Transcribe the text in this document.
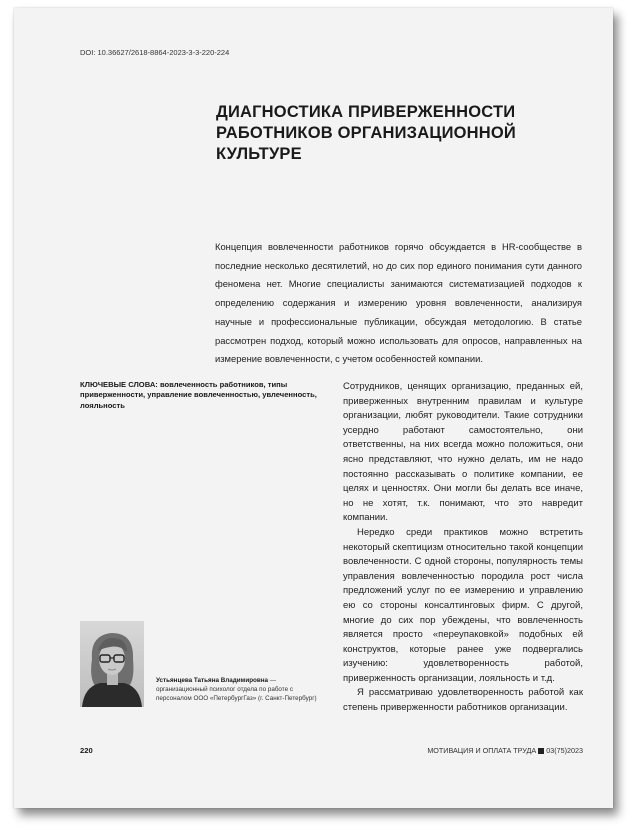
DOI: 10.36627/2618-8864-2023-3-3-220-224
ДИАГНОСТИКА ПРИВЕРЖЕННОСТИ
РАБОТНИКОВ ОРГАНИЗАЦИОННОЙ КУЛЬТУРЕ
Концепция вовлеченности работников горячо обсуждается в HR-сообществе в последние несколько десятилетий, но до сих пор единого понимания сути данного феномена нет. Многие специалисты занимаются систематизацией подходов к определению содержания и измерению уровня вовлеченности, анализируя научные и профессиональные публикации, обсуждая методологию. В статье рассмотрен подход, который можно использовать для опросов, направленных на измерение вовлеченности, с учетом особенностей компании.
КЛЮЧЕВЫЕ СЛОВА: вовлеченность работников, типы приверженности, управление вовлеченностью, увлеченность, лояльность

Сотрудников, ценящих организацию, преданных ей, приверженных внутренним правилам и культуре организации, любят руководители. Такие сотрудники усердно работают самостоятельно, они ответственны, на них всегда можно положиться, они ясно представляют, что нужно делать, им не надо постоянно рассказывать о политике компании, ее целях и ценностях. Они могли бы делать все иначе, но не хотят, т.к. понимают, что это навредит компании.

Нередко среди практиков можно встретить некоторый скептицизм относительно такой концепции вовлеченности. С одной стороны, популярность темы управления вовлеченностью породила рост числа предложений услуг по ее измерению и управлению ею со стороны консалтинговых фирм. С другой, многие до сих пор убеждены, что вовлеченность является просто «переупаковкой» подобных ей конструктов, которые ранее уже подвергались изучению: удовлетворенность работой, приверженность организации, лояльность и т.д.

Я рассматриваю удовлетворенность работой как степень приверженности работников организации.

Устьянцева Татьяна Владимировна — организационный психолог отдела по работе с персоналом ООО «ПетербургГаз» (г. Санкт-Петербург)
220	МОТИВАЦИЯ И ОПЛАТА ТРУДА 03(75)2023
